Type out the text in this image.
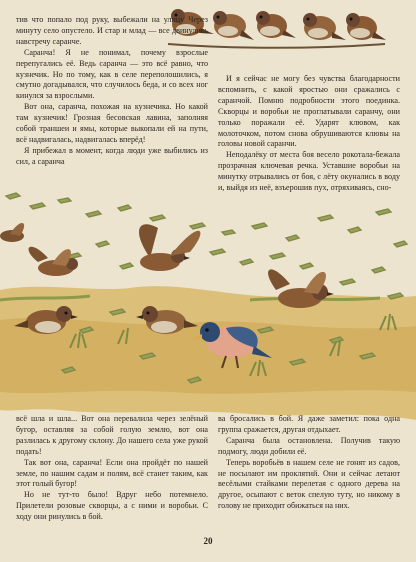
тив что попало под руку, выбежали на улицу Через минуту село опустело. И стар и млад — все двинулись навстречу саранче.

Саранча! Я не понимал, почему взрослые перепугались её. Ведь саранча — это всё равно, что кузнечик. Но по тому, как в селе переполошились, я смутно догадывался, что случилось беда, и со всех ног кинулся за взрослыми.

Вот она, саранча, похожая на кузнечика. Но какой там кузнечик! Грозная бесовская лавина, заполняя собой траншеи и ямы, которые выкопали ей на пути, всё надвигалась, надвигалась вперёд!

Я прибежал в момент, когда люди уже выбились из сил, а саранча

И я сейчас не могу без чувства благодарности вспомнить, с какой яростью они сражались с саранчой. Помню подробности этого поединка. Скворцы и воробьи не проглатывали саранчу, они только поражали её. Ударят клювом, как молоточком, потом снова обрушиваются клювы на головы новой саранчи.

Неподалёку от места боя весело рокотала-бежала прозрачная ключевая речка. Уставшие воробьи на минутку отрывались от боя, с лёту окунались в воду и, выйдя из неё, взъерошив пух, отряхиваясь, сно-

всё шла и шла... Вот она перевалила через зелёный бугор, оставляя за собой голую землю, вот она разлилась к другому склону. До нашего села уже рукой подать!

Так вот она, саранча! Если она пройдёт по нашей земле, по нашим садам и полям, всё станет таким, как этот голый бугор!

Но не тут-то было! Вдруг небо потемнело. Прилетели розовые скворцы, а с ними и воробьи. С ходу они ринулись в бой.

ва бросались в бой. Я даже заметил: пока одна группа сражается, другая отдыхает.

Саранча была остановлена. Получив такую подмогу, люди добили её.

Теперь воробьёв в нашем селе не гонят из садов, не посылают им проклятий. Они и сейчас летают весёлыми стайками перелетая с одного дерева на другое, осыпают с веток спелую туту, но никому в голову не приходит обижаться на них.

20
